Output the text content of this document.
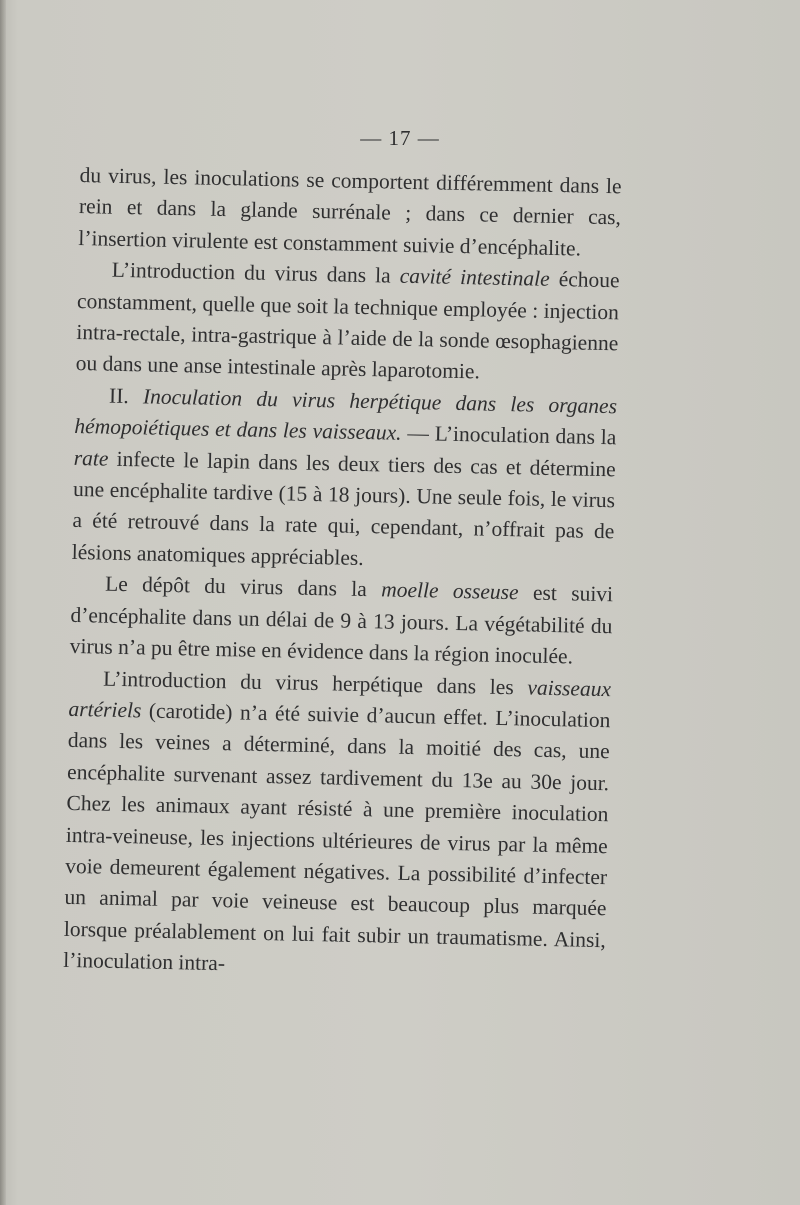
— 17 —

du virus, les inoculations se comportent différemment dans le rein et dans la glande surrénale ; dans ce dernier cas, l’insertion virulente est constamment suivie d’encéphalite.

L’introduction du virus dans la cavité intestinale échoue constamment, quelle que soit la technique employée : injection intra-rectale, intra-gastrique à l’aide de la sonde œsophagienne ou dans une anse intestinale après laparotomie.

II. Inoculation du virus herpétique dans les organes hémopoiétiques et dans les vaisseaux. — L’inoculation dans la rate infecte le lapin dans les deux tiers des cas et détermine une encéphalite tardive (15 à 18 jours). Une seule fois, le virus a été retrouvé dans la rate qui, cependant, n’offrait pas de lésions anatomiques appréciables.

Le dépôt du virus dans la moelle osseuse est suivi d’encéphalite dans un délai de 9 à 13 jours. La végétabilité du virus n’a pu être mise en évidence dans la région inoculée.

L’introduction du virus herpétique dans les vaisseaux artériels (carotide) n’a été suivie d’aucun effet. L’inoculation dans les veines a déterminé, dans la moitié des cas, une encéphalite survenant assez tardivement du 13e au 30e jour. Chez les animaux ayant résisté à une première inoculation intra-veineuse, les injections ultérieures de virus par la même voie demeurent également négatives. La possibilité d’infecter un animal par voie veineuse est beaucoup plus marquée lorsque préalablement on lui fait subir un traumatisme. Ainsi, l’inoculation intra-
